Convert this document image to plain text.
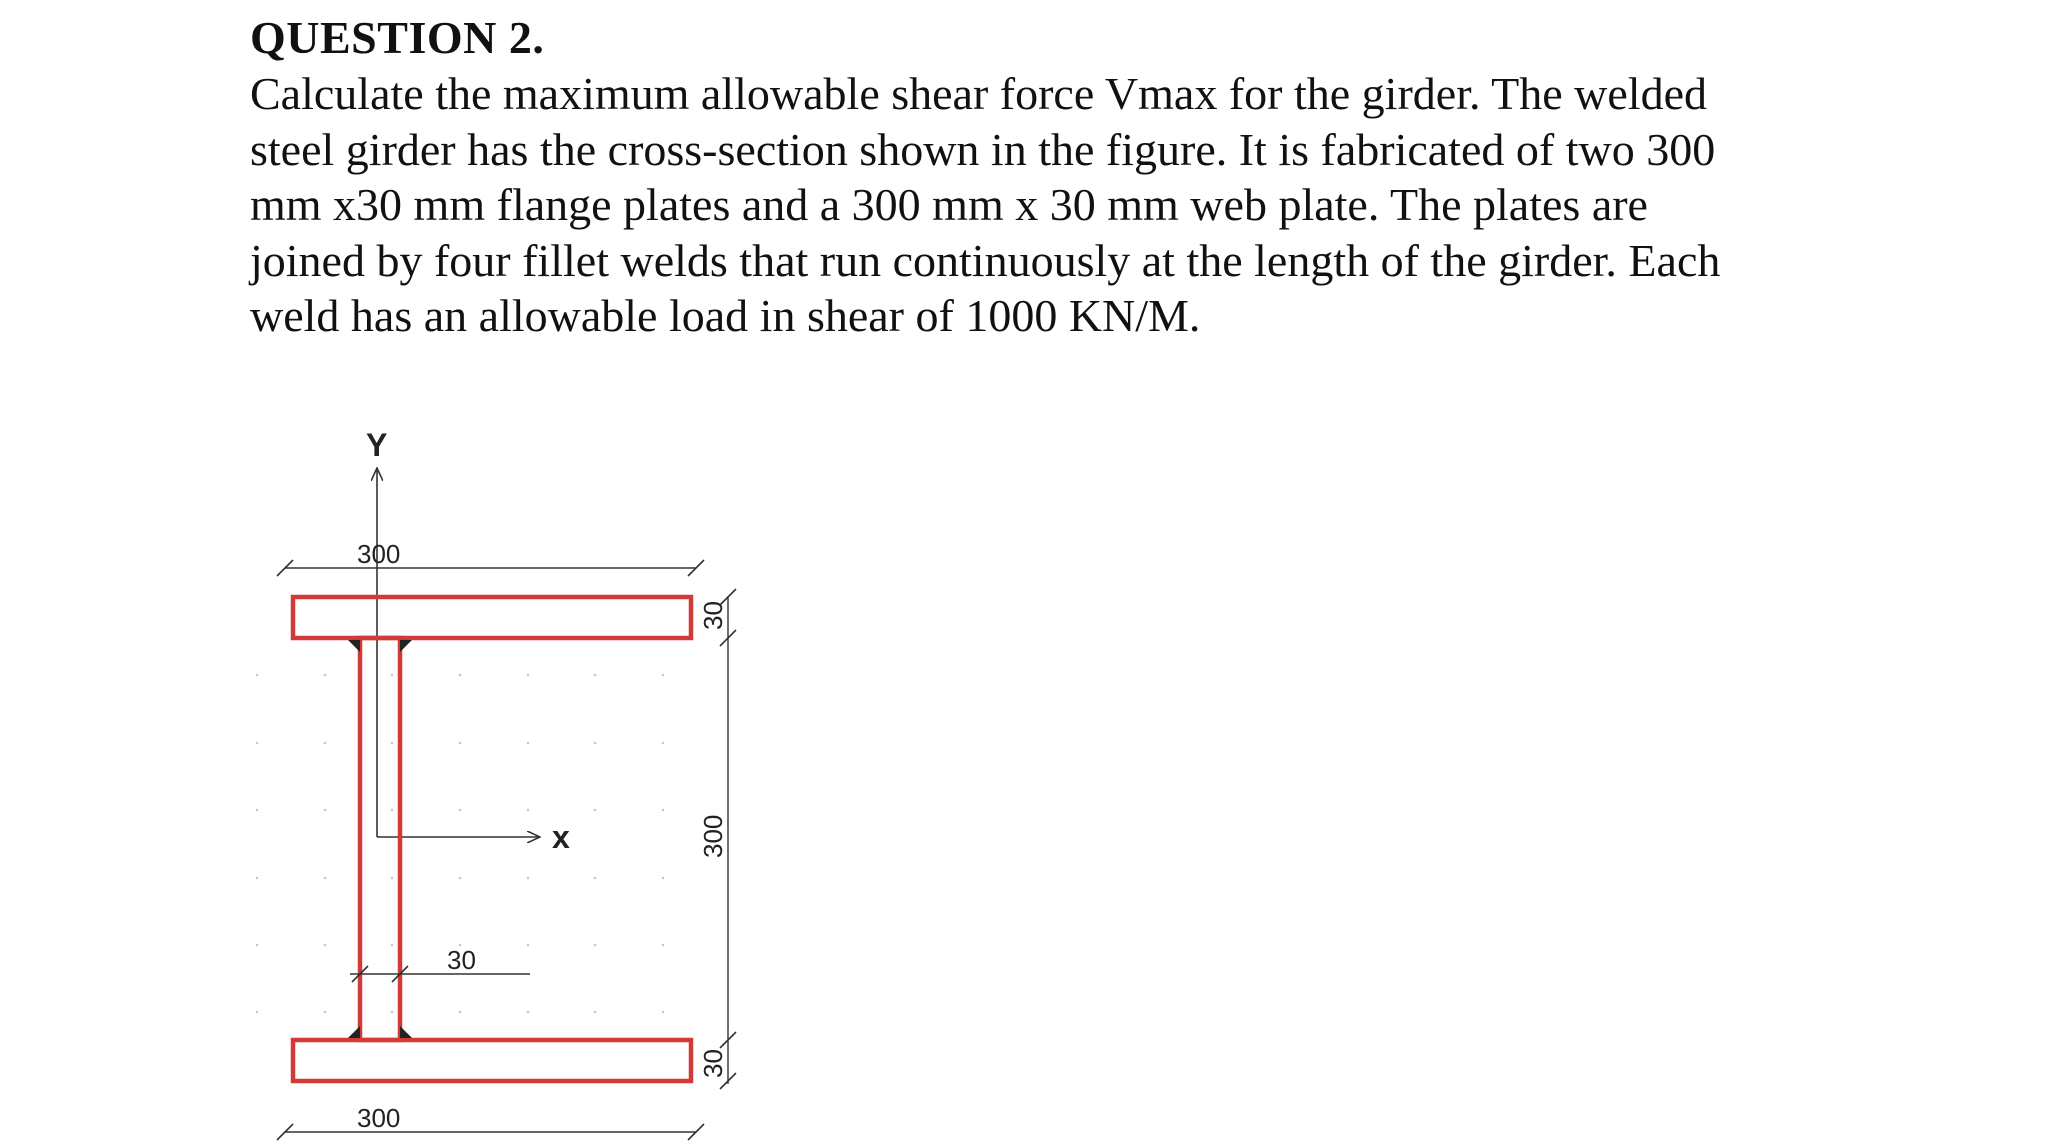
QUESTION 2.

Calculate the maximum allowable shear force Vmax for the girder. The welded

steel girder has the cross-section shown in the figure. It is fabricated of two 300

mm x30 mm flange plates and a 300 mm x 30 mm web plate. The plates are

joined by four fillet welds that run continuously at the length of the girder. Each

weld has an allowable load in shear of 1000 KN/M.

Y
x
300
30
30
300
30
300
